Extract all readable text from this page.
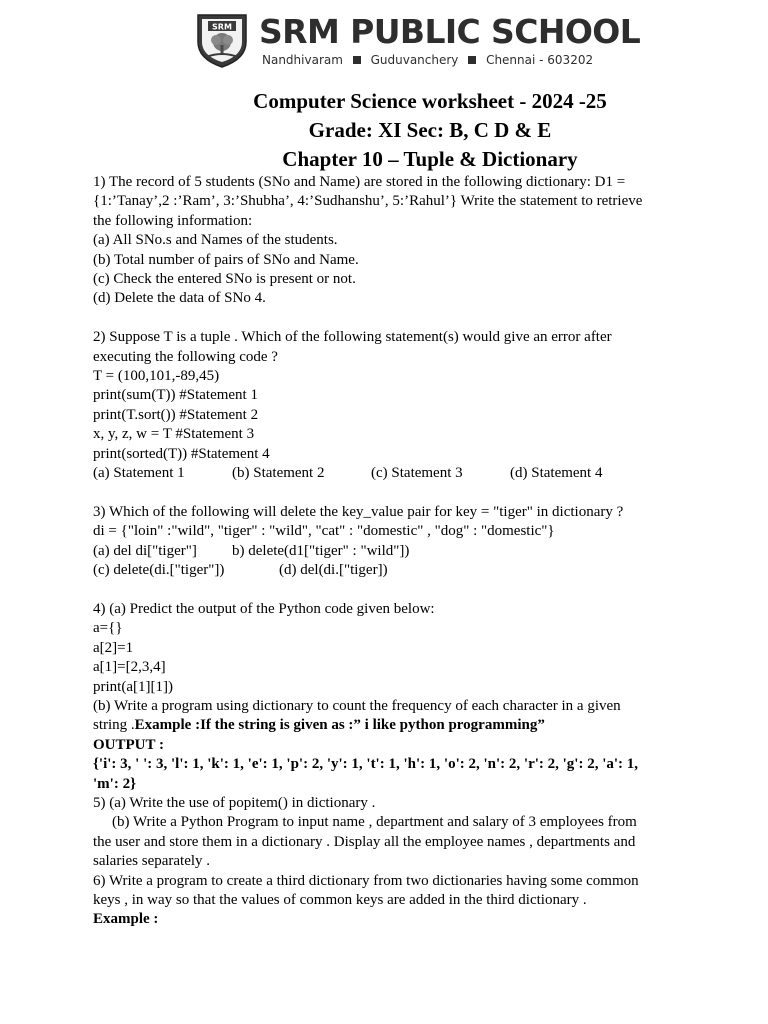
SRM SRM PUBLIC SCHOOL
Nandhivaram Guduvanchery Chennai - 603202
Computer Science worksheet - 2024 -25
Grade: XI Sec: B, C D & E
Chapter 10 – Tuple & Dictionary

1) The record of 5 students (SNo and Name) are stored in the following dictionary: D1 =

{1:’Tanay’,2 :’Ram’, 3:’Shubha’, 4:’Sudhanshu’, 5:’Rahul’} Write the statement to retrieve

the following information:

(a) All SNo.s and Names of the students.

(b) Total number of pairs of SNo and Name.

(c) Check the entered SNo is present or not.

(d) Delete the data of SNo 4.

2) Suppose T is a tuple . Which of the following statement(s) would give an error after

executing the following code ?

T = (100,101,-89,45)

print(sum(T)) #Statement 1

print(T.sort()) #Statement 2

x, y, z, w = T #Statement 3

print(sorted(T)) #Statement 4

(a) Statement 1	(b) Statement 2	(c) Statement 3	(d) Statement 4

3) Which of the following will delete the key_value pair for key = "tiger" in dictionary ?

di = {"loin" :"wild", "tiger" : "wild", "cat" : "domestic" , "dog" : "domestic"}

(a) del di["tiger"]	b) delete(d1["tiger" : "wild"])
(c) delete(di.["tiger"])	(d) del(di.["tiger])

4) (a) Predict the output of the Python code given below:

a={}

a[2]=1

a[1]=[2,3,4]

print(a[1][1])

(b) Write a program using dictionary to count the frequency of each character in a given

string .Example :If the string is given as :” i like python programming”

OUTPUT :

{'i': 3, ' ': 3, 'l': 1, 'k': 1, 'e': 1, 'p': 2, 'y': 1, 't': 1, 'h': 1, 'o': 2, 'n': 2, 'r': 2, 'g': 2, 'a': 1,

'm': 2}

5) (a) Write the use of popitem() in dictionary .

(b) Write a Python Program to input name , department and salary of 3 employees from

the user and store them in a dictionary . Display all the employee names , departments and

salaries separately .

6) Write a program to create a third dictionary from two dictionaries having some common

keys , in way so that the values of common keys are added in the third dictionary .

Example :
